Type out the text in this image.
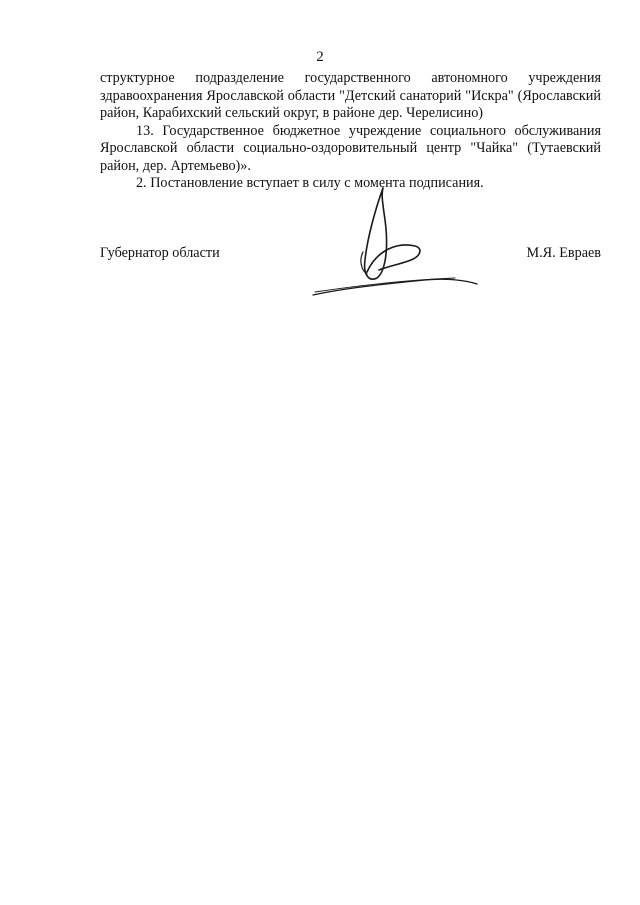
2

структурное подразделение государственного автономного учреждения здравоохранения Ярославской области "Детский санаторий "Искра" (Ярославский район, Карабихский сельский округ, в районе дер. Черелисино)

13. Государственное бюджетное учреждение социального обслуживания Ярославской области социально-оздоровительный центр "Чайка" (Тутаевский район, дер. Артемьево)».

2. Постановление вступает в силу с момента подписания.

Губернатор области	М.Я. Евраев
